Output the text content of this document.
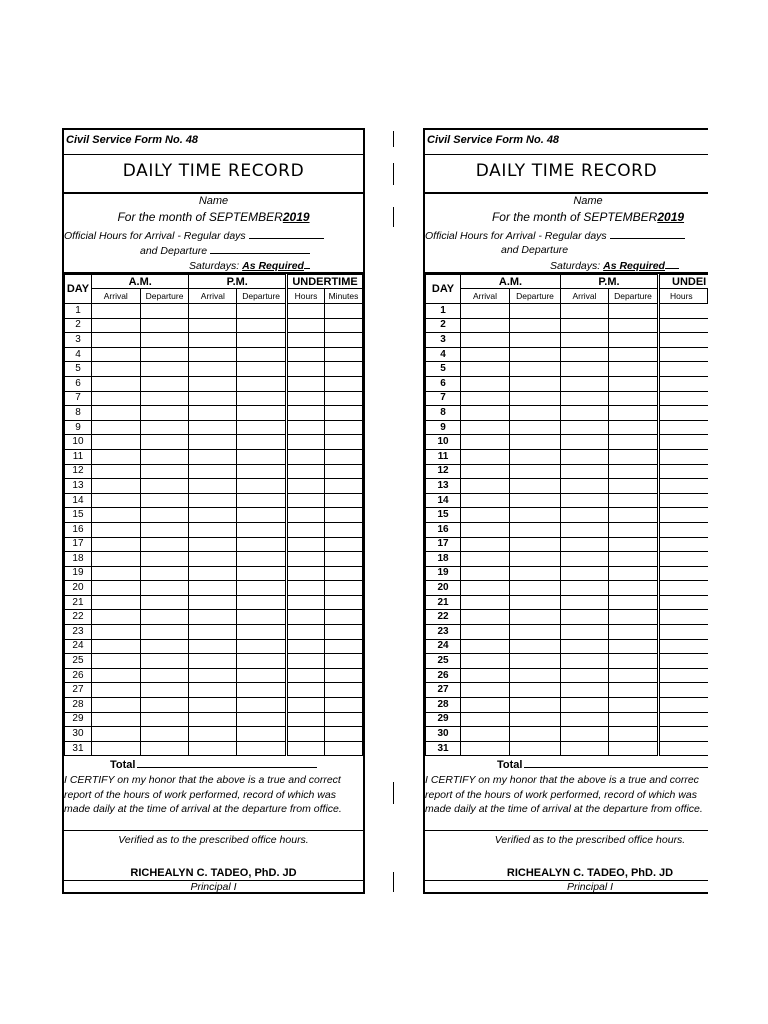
Civil Service Form No. 48
DAILY TIME RECORD
Name
For the month of SEPTEMBER2019
Official Hours for Arrival - Regular days
and Departure
Saturdays: As Required
DAY	A.M.		P.M.		UNDERTIME	
	Arrival	Departure	Arrival	Departure	Hours	Minutes
1						
2						
3						
4						
5						
6						
7						
8						
9						
10						
11						
12						
13						
14						
15						
16						
17						
18						
19						
20						
21						
22						
23						
24						
25						
26						
27						
28						
29						
30						
31						
Total
I CERTIFY on my honor that the above is a true and correct
report of the hours of work performed, record of which was
made daily at the time of arrival at the departure from office.
Verified as to the prescribed office hours.
RICHEALYN C. TADEO, PhD. JD
Principal I
Civil Service Form No. 48
DAILY TIME RECORD
Name
For the month of SEPTEMBER2019
Official Hours for Arrival - Regular days
and Departure
Saturdays: As Required
DAY	A.M.		P.M.		UNDEI
	Arrival	Departure	Arrival	Departure	Hours
1					
2					
3					
4					
5					
6					
7					
8					
9					
10					
11					
12					
13					
14					
15					
16					
17					
18					
19					
20					
21					
22					
23					
24					
25					
26					
27					
28					
29					
30					
31					
Total
I CERTIFY on my honor that the above is a true and correc
report of the hours of work performed, record of which was
made daily at the time of arrival at the departure from office.
Verified as to the prescribed office hours.
RICHEALYN C. TADEO, PhD. JD
Principal I
